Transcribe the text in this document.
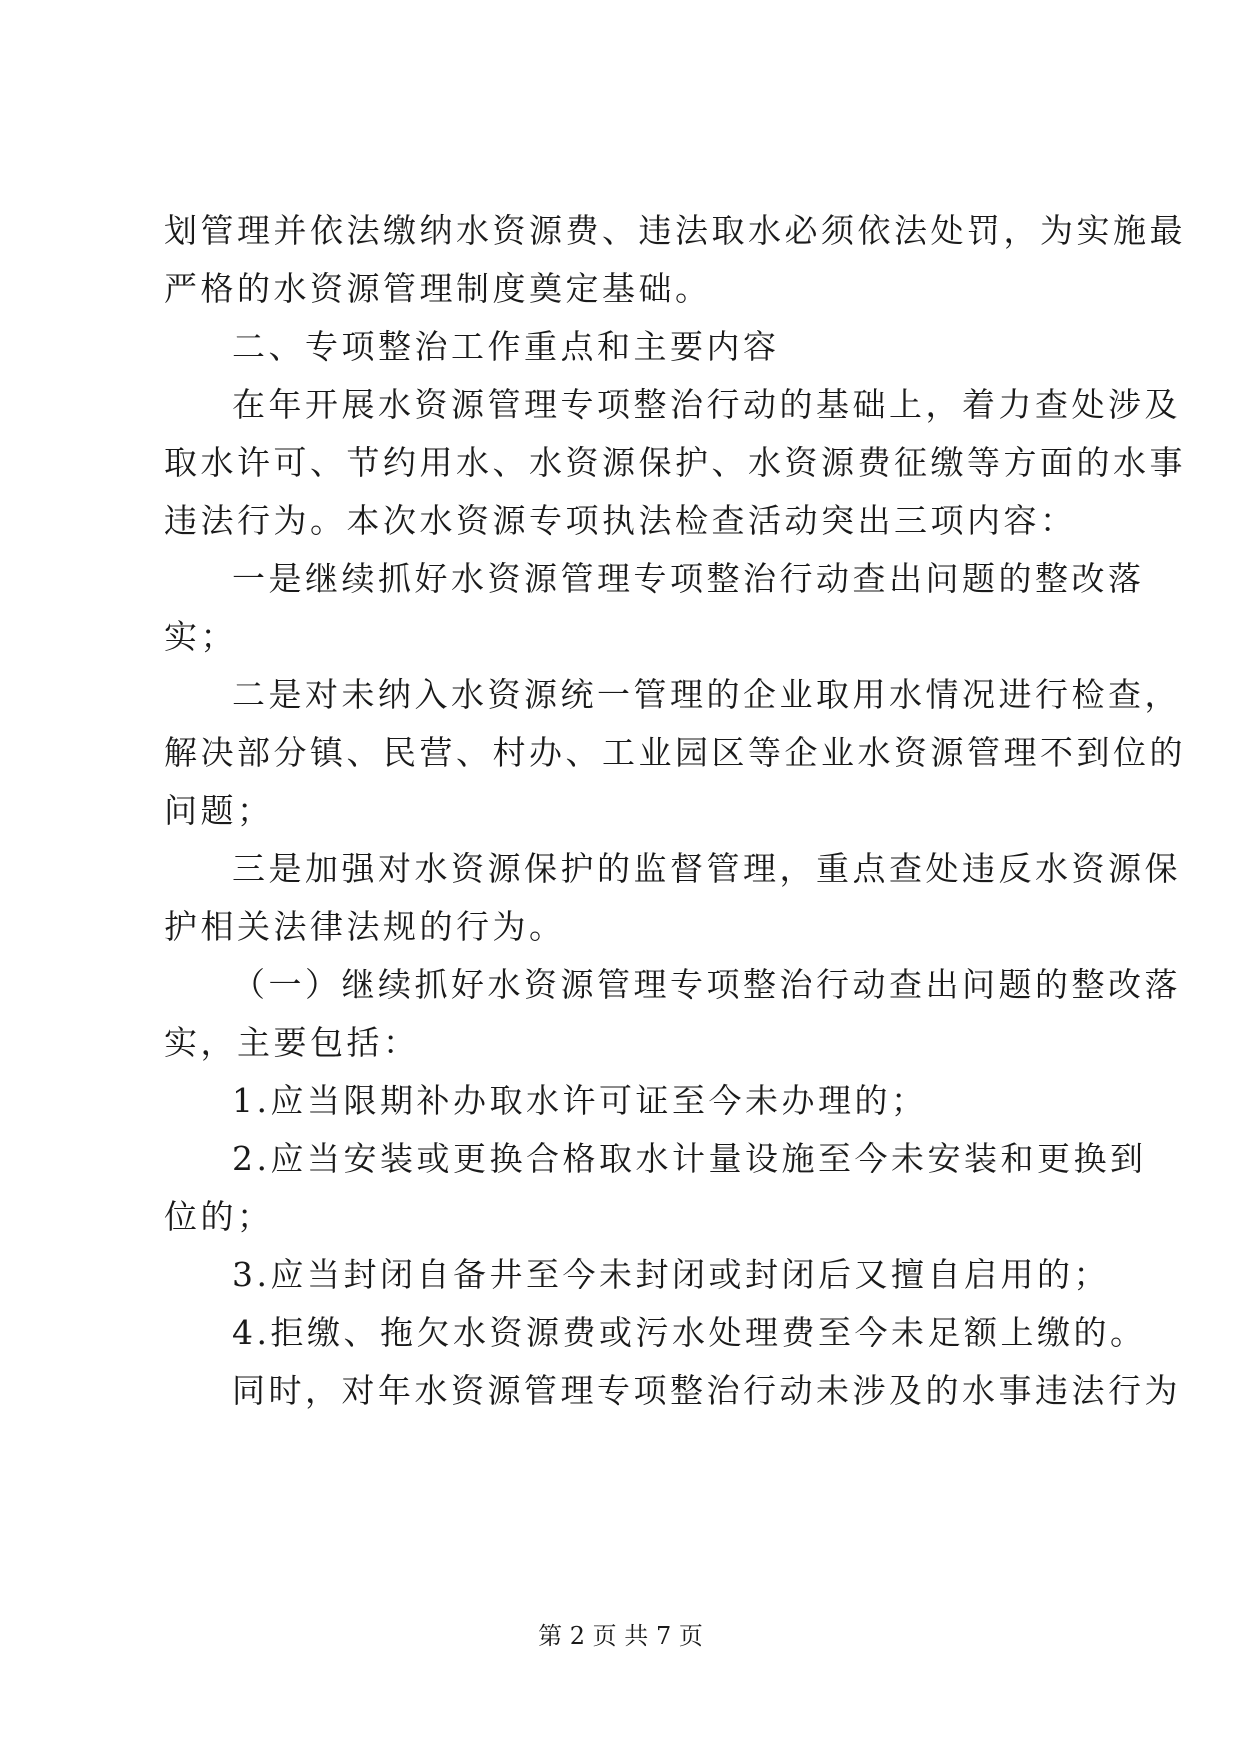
划管理并依法缴纳水资源费、违法取水必须依法处罚，为实施最
严格的水资源管理制度奠定基础。
二、专项整治工作重点和主要内容
在年开展水资源管理专项整治行动的基础上，着力查处涉及
取水许可、节约用水、水资源保护、水资源费征缴等方面的水事
违法行为。本次水资源专项执法检查活动突出三项内容：
一是继续抓好水资源管理专项整治行动查出问题的整改落
实；
二是对未纳入水资源统一管理的企业取用水情况进行检查，
解决部分镇、民营、村办、工业园区等企业水资源管理不到位的
问题；
三是加强对水资源保护的监督管理，重点查处违反水资源保
护相关法律法规的行为。
（一）继续抓好水资源管理专项整治行动查出问题的整改落
实，主要包括：
1.应当限期补办取水许可证至今未办理的；
2.应当安装或更换合格取水计量设施至今未安装和更换到
位的；
3.应当封闭自备井至今未封闭或封闭后又擅自启用的；
4.拒缴、拖欠水资源费或污水处理费至今未足额上缴的。
同时，对年水资源管理专项整治行动未涉及的水事违法行为
第 2 页 共 7 页
